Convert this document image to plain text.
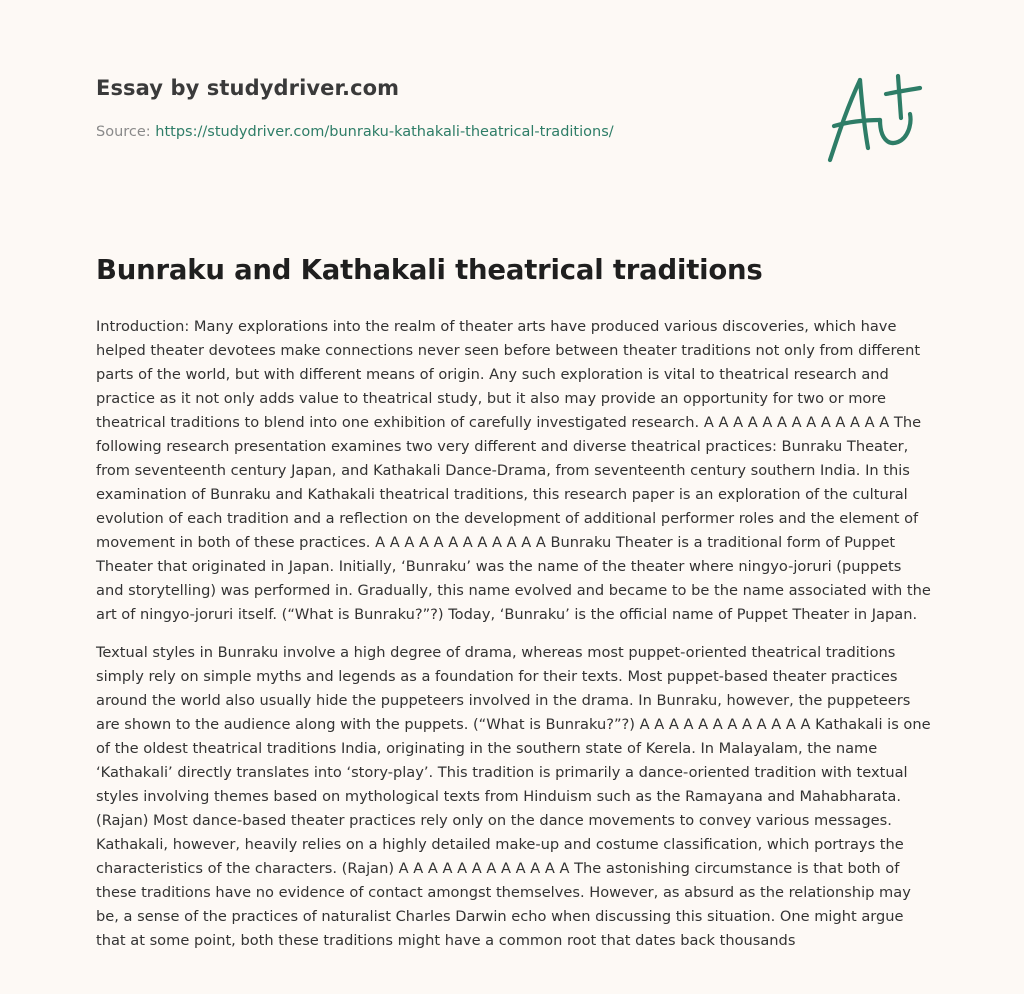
Essay by studydriver.com
Source: https://studydriver.com/bunraku-kathakali-theatrical-traditions/
Bunraku and Kathakali theatrical traditions

Introduction: Many explorations into the realm of theater arts have produced various discoveries, which have helped theater devotees make connections never seen before between theater traditions not only from different parts of the world, but with different means of origin. Any such exploration is vital to theatrical research and practice as it not only adds value to theatrical study, but it also may provide an opportunity for two or more theatrical traditions to blend into one exhibition of carefully investigated research. A A A A A A A A A A A A A The following research presentation examines two very different and diverse theatrical practices: Bunraku Theater, from seventeenth century Japan, and Kathakali Dance-Drama, from seventeenth century southern India. In this examination of Bunraku and Kathakali theatrical traditions, this research paper is an exploration of the cultural evolution of each tradition and a reflection on the development of additional performer roles and the element of movement in both of these practices. A A A A A A A A A A A A Bunraku Theater is a traditional form of Puppet Theater that originated in Japan. Initially, ‘Bunraku’ was the name of the theater where ningyo-joruri (puppets and storytelling) was performed in. Gradually, this name evolved and became to be the name associated with the art of ningyo-joruri itself. (“What is Bunraku?”?) Today, ‘Bunraku’ is the official name of Puppet Theater in Japan.

Textual styles in Bunraku involve a high degree of drama, whereas most puppet-oriented theatrical traditions simply rely on simple myths and legends as a foundation for their texts. Most puppet-based theater practices around the world also usually hide the puppeteers involved in the drama. In Bunraku, however, the puppeteers are shown to the audience along with the puppets. (“What is Bunraku?”?) A A A A A A A A A A A A Kathakali is one of the oldest theatrical traditions India, originating in the southern state of Kerela. In Malayalam, the name ‘Kathakali’ directly translates into ‘story-play’. This tradition is primarily a dance-oriented tradition with textual styles involving themes based on mythological texts from Hinduism such as the Ramayana and Mahabharata. (Rajan) Most dance-based theater practices rely only on the dance movements to convey various messages. Kathakali, however, heavily relies on a highly detailed make-up and costume classification, which portrays the characteristics of the characters. (Rajan) A A A A A A A A A A A A The astonishing circumstance is that both of these traditions have no evidence of contact amongst themselves. However, as absurd as the relationship may be, a sense of the practices of naturalist Charles Darwin echo when discussing this situation. One might argue that at some point, both these traditions might have a common root that dates back thousands
